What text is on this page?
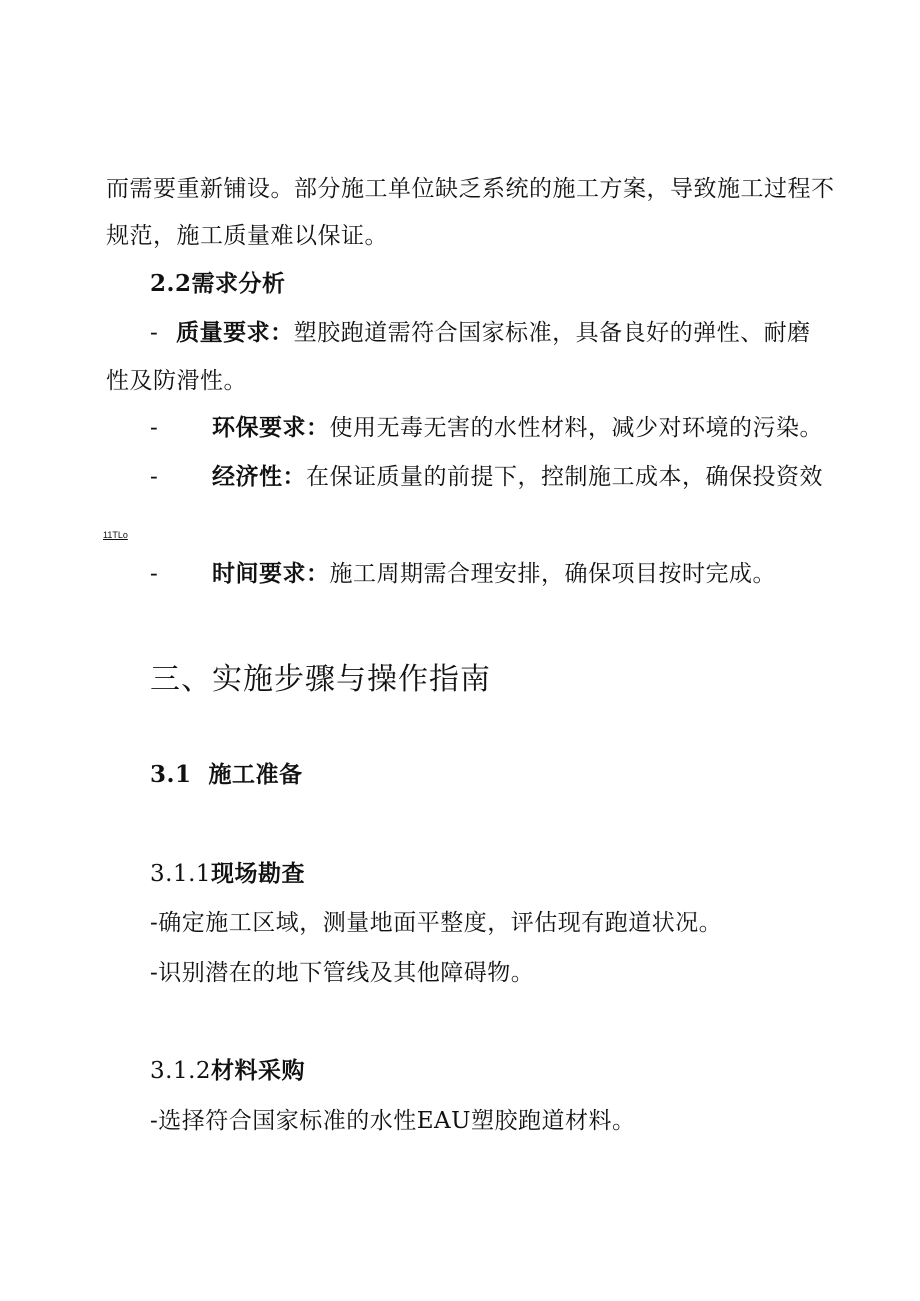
而需要重新铺设。部分施工单位缺乏系统的施工方案，导致施工过程不
规范，施工质量难以保证。
2.2需求分析
- 质量要求：塑胶跑道需符合国家标准，具备良好的弹性、耐磨
性及防滑性。
- 环保要求：使用无毒无害的水性材料，减少对环境的污染。
- 经济性：在保证质量的前提下，控制施工成本，确保投资效
11TLo
- 时间要求：施工周期需合理安排，确保项目按时完成。
三、实施步骤与操作指南
3.1  施工准备
3.1.1现场勘查
-确定施工区域，测量地面平整度，评估现有跑道状况。
-识别潜在的地下管线及其他障碍物。
3.1.2材料采购
-选择符合国家标准的水性EAU塑胶跑道材料。
